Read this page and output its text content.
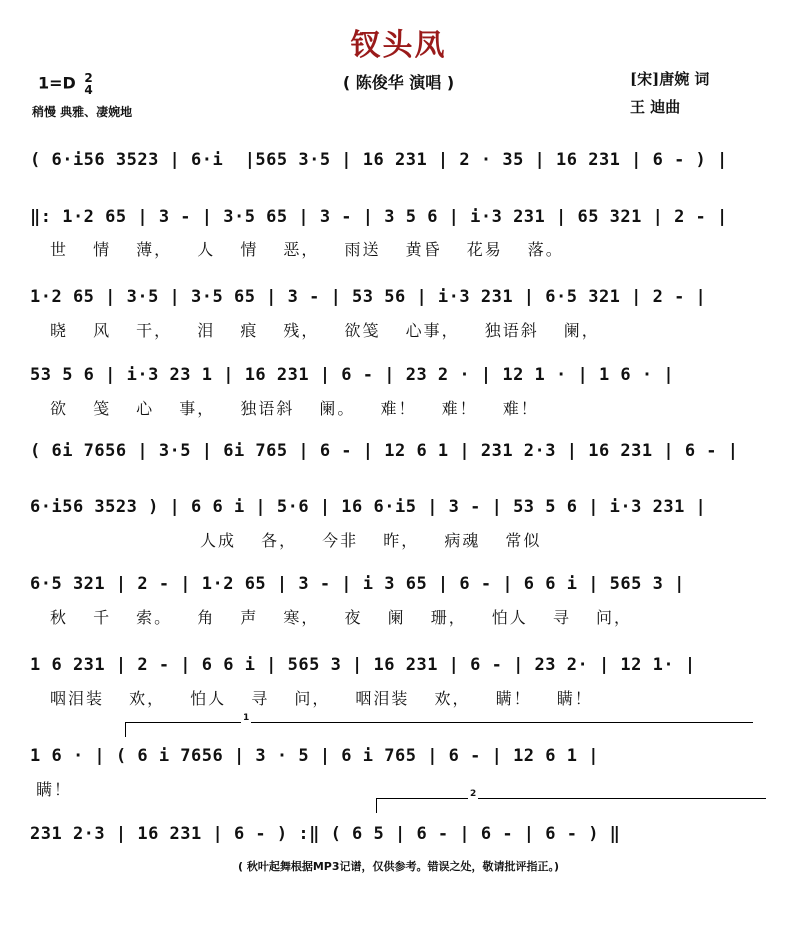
钗头凤
( 陈俊华 演唱 )
1=D 2
4
稍慢 典雅、凄婉地
[宋]唐婉 词
王 迪曲
( 6·i56 3523 | 6·i  |565 3·5 | 16 231 | 2 · 35 | 16 231 | 6 - ) |
‖: 1·2 65 | 3 - | 3·5 65 | 3 - | 3 5 6 | i·3 231 | 65 321 | 2 - |
世 情 薄， 人 情 恶， 雨送 黄昏 花易 落。
1·2 65 | 3·5 | 3·5 65 | 3 - | 53 56 | i·3 231 | 6·5 321 | 2 - |
晓 风 干， 泪 痕 残， 欲笺 心事， 独语斜 阑，
53 5 6 | i·3 23 1 | 16 231 | 6 - | 23 2 · | 12 1 · | 1 6 · |
欲 笺 心 事， 独语斜 阑。 难！ 难！ 难！
( 6i 7656 | 3·5 | 6i 765 | 6 - | 12 6 1 | 231 2·3 | 16 231 | 6 - |
6·i56 3523 ) | 6 6 i | 5·6 | 16 6·i5 | 3 - | 53 5 6 | i·3 231 |
人成 各， 今非 昨， 病魂 常似
6·5 321 | 2 - | 1·2 65 | 3 - | i 3 65 | 6 - | 6 6 i | 565 3 |
秋 千 索。 角 声 寒， 夜 阑 珊， 怕人 寻 问，
1 6 231 | 2 - | 6 6 i | 565 3 | 16 231 | 6 - | 23 2· | 12 1· |
咽泪装 欢， 怕人 寻 问， 咽泪装 欢， 瞒！ 瞒！
1
1 6 · | ( 6 i 7656 | 3 · 5 | 6 i 765 | 6 - | 12 6 1 |
瞒！	2
231 2·3 | 16 231 | 6 - ) :‖ ( 6 5 | 6 - | 6 - | 6 - ) ‖
( 秋叶起舞根据MP3记谱，仅供参考。错误之处，敬请批评指正。)
